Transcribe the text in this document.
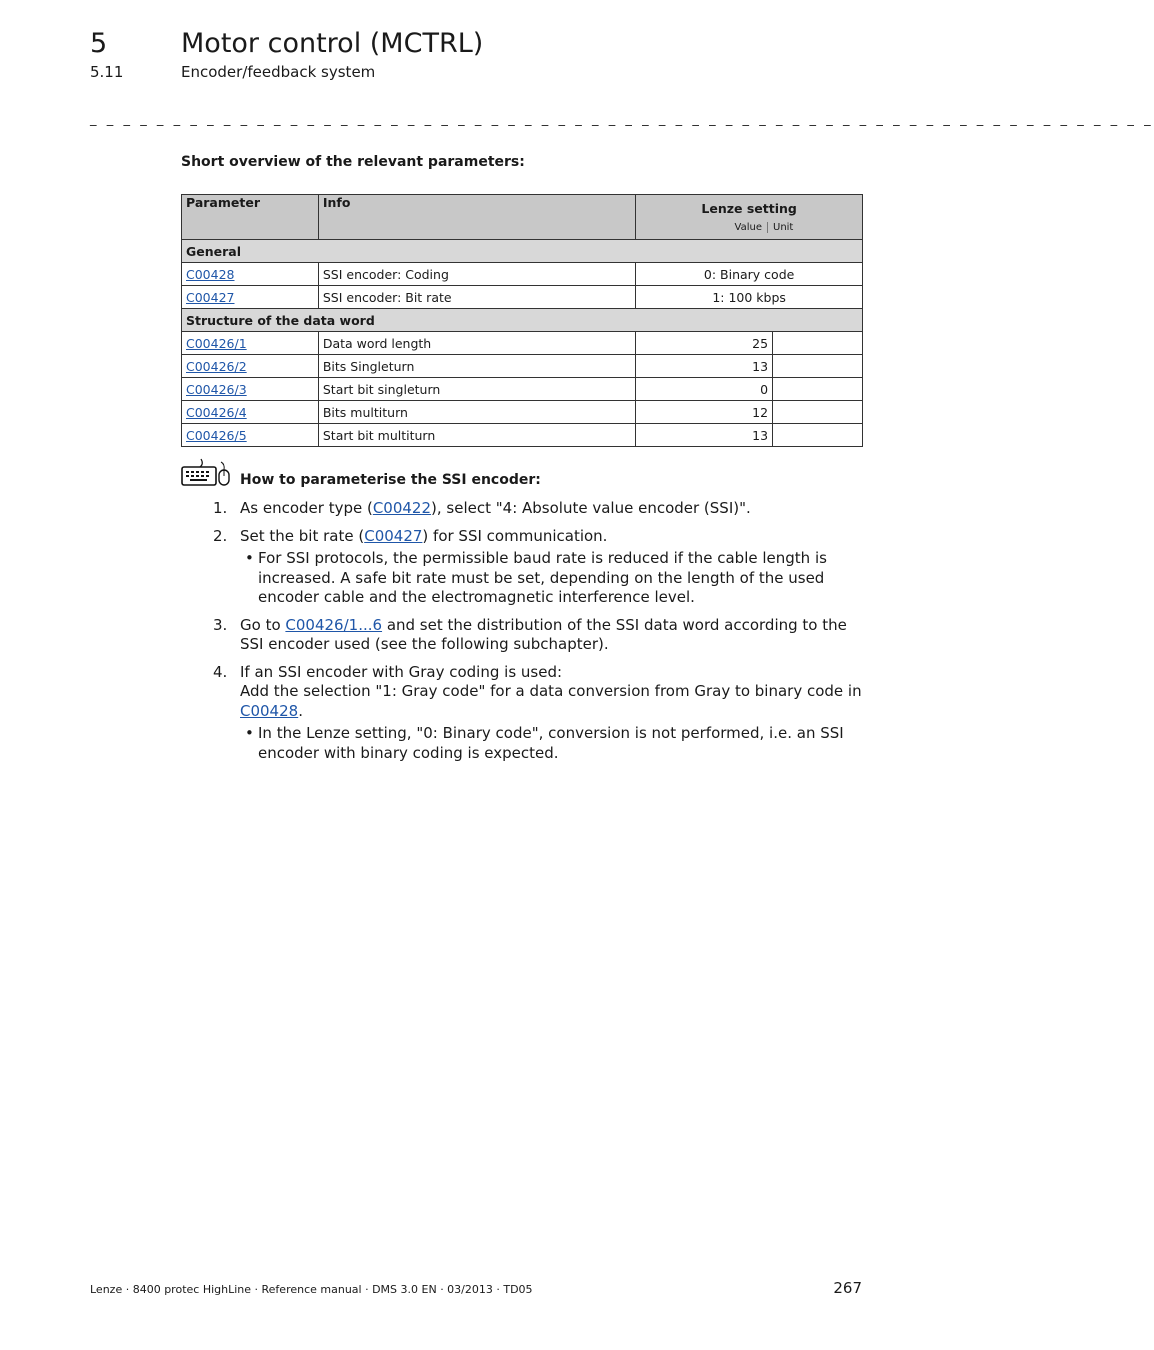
5	Motor control (MCTRL)
5.11	Encoder/feedback system
_ _ _ _ _ _ _ _ _ _ _ _ _ _ _ _ _ _ _ _ _ _ _ _ _ _ _ _ _ _ _ _ _ _ _ _ _ _ _ _ _ _ _ _ _ _ _ _ _ _ _ _ _ _ _ _ _ _ _ _ _ _ _ _
Short overview of the relevant parameters:
Parameter	Info	Lenze setting
Value Unit	

General			
C00428	SSI encoder: Coding	0: Binary code	
C00427	SSI encoder: Bit rate	1: 100 kbps	
Structure of the data word			
C00426/1	Data word length	25	
C00426/2	Bits Singleturn	13	
C00426/3	Start bit singleturn	0	
C00426/4	Bits multiturn	12	
C00426/5	Start bit multiturn	13	
How to parameterise the SSI encoder:
1. As encoder type (C00422), select "4: Absolute value encoder (SSI)".
2. Set the bit rate (C00427) for SSI communication.
• For SSI protocols, the permissible baud rate is reduced if the cable length is increased. A safe bit rate must be set, depending on the length of the used encoder cable and the electromagnetic interference level.
3. Go to C00426/1...6 and set the distribution of the SSI data word according to the SSI encoder used (see the following subchapter).
4. If an SSI encoder with Gray coding is used:
Add the selection "1: Gray code" for a data conversion from Gray to binary code in C00428.
• In the Lenze setting, "0: Binary code", conversion is not performed, i.e. an SSI encoder with binary coding is expected.
Lenze · 8400 protec HighLine · Reference manual · DMS 3.0 EN · 03/2013 · TD05	267
